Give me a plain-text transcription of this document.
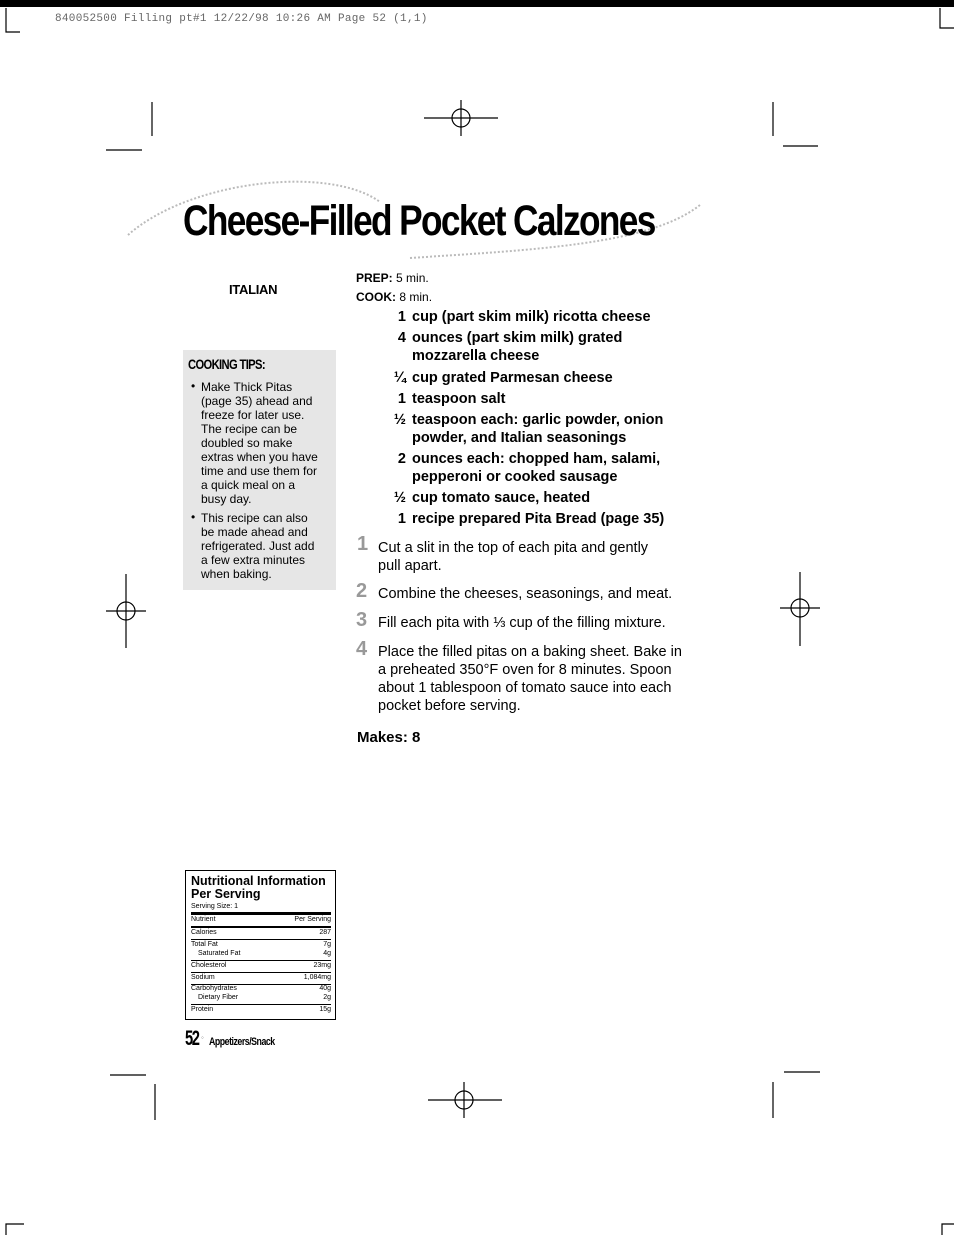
840052500 Filling pt#1 12/22/98 10:26 AM Page 52 (1,1)
Cheese-Filled Pocket Calzones
ITALIAN
COOKING TIPS:
• Make Thick Pitas
(page 35) ahead and
freeze for later use.
The recipe can be
doubled so make
extras when you have
time and use them for
a quick meal on a
busy day.
• This recipe can also
be made ahead and
refrigerated. Just add
a few extra minutes
when baking.
PREP: 5 min.
COOK: 8 min.
1 cup (part skim milk) ricotta cheese
4 ounces (part skim milk) grated
mozzarella cheese
¼ cup grated Parmesan cheese
1 teaspoon salt
½ teaspoon each: garlic powder, onion
powder, and Italian seasonings
2 ounces each: chopped ham, salami,
pepperoni or cooked sausage
½ cup tomato sauce, heated
1 recipe prepared Pita Bread (page 35)
1 Cut a slit in the top of each pita and gently
pull apart.
2 Combine the cheeses, seasonings, and meat.
3 Fill each pita with ⅓ cup of the filling mixture.
4 Place the filled pitas on a baking sheet. Bake in
a preheated 350°F oven for 8 minutes. Spoon
about 1 tablespoon of tomato sauce into each
pocket before serving.
Makes: 8
Nutritional Information
Per Serving
Serving Size: 1
Nutrient	Per Serving
Calories	287
Total Fat	7g
Saturated Fat	4g
Cholesterol	23mg
Sodium	1,084mg
Carbohydrates	40g
Dietary Fiber	2g
Protein	15g
52 ◦ Appetizers/Snack
